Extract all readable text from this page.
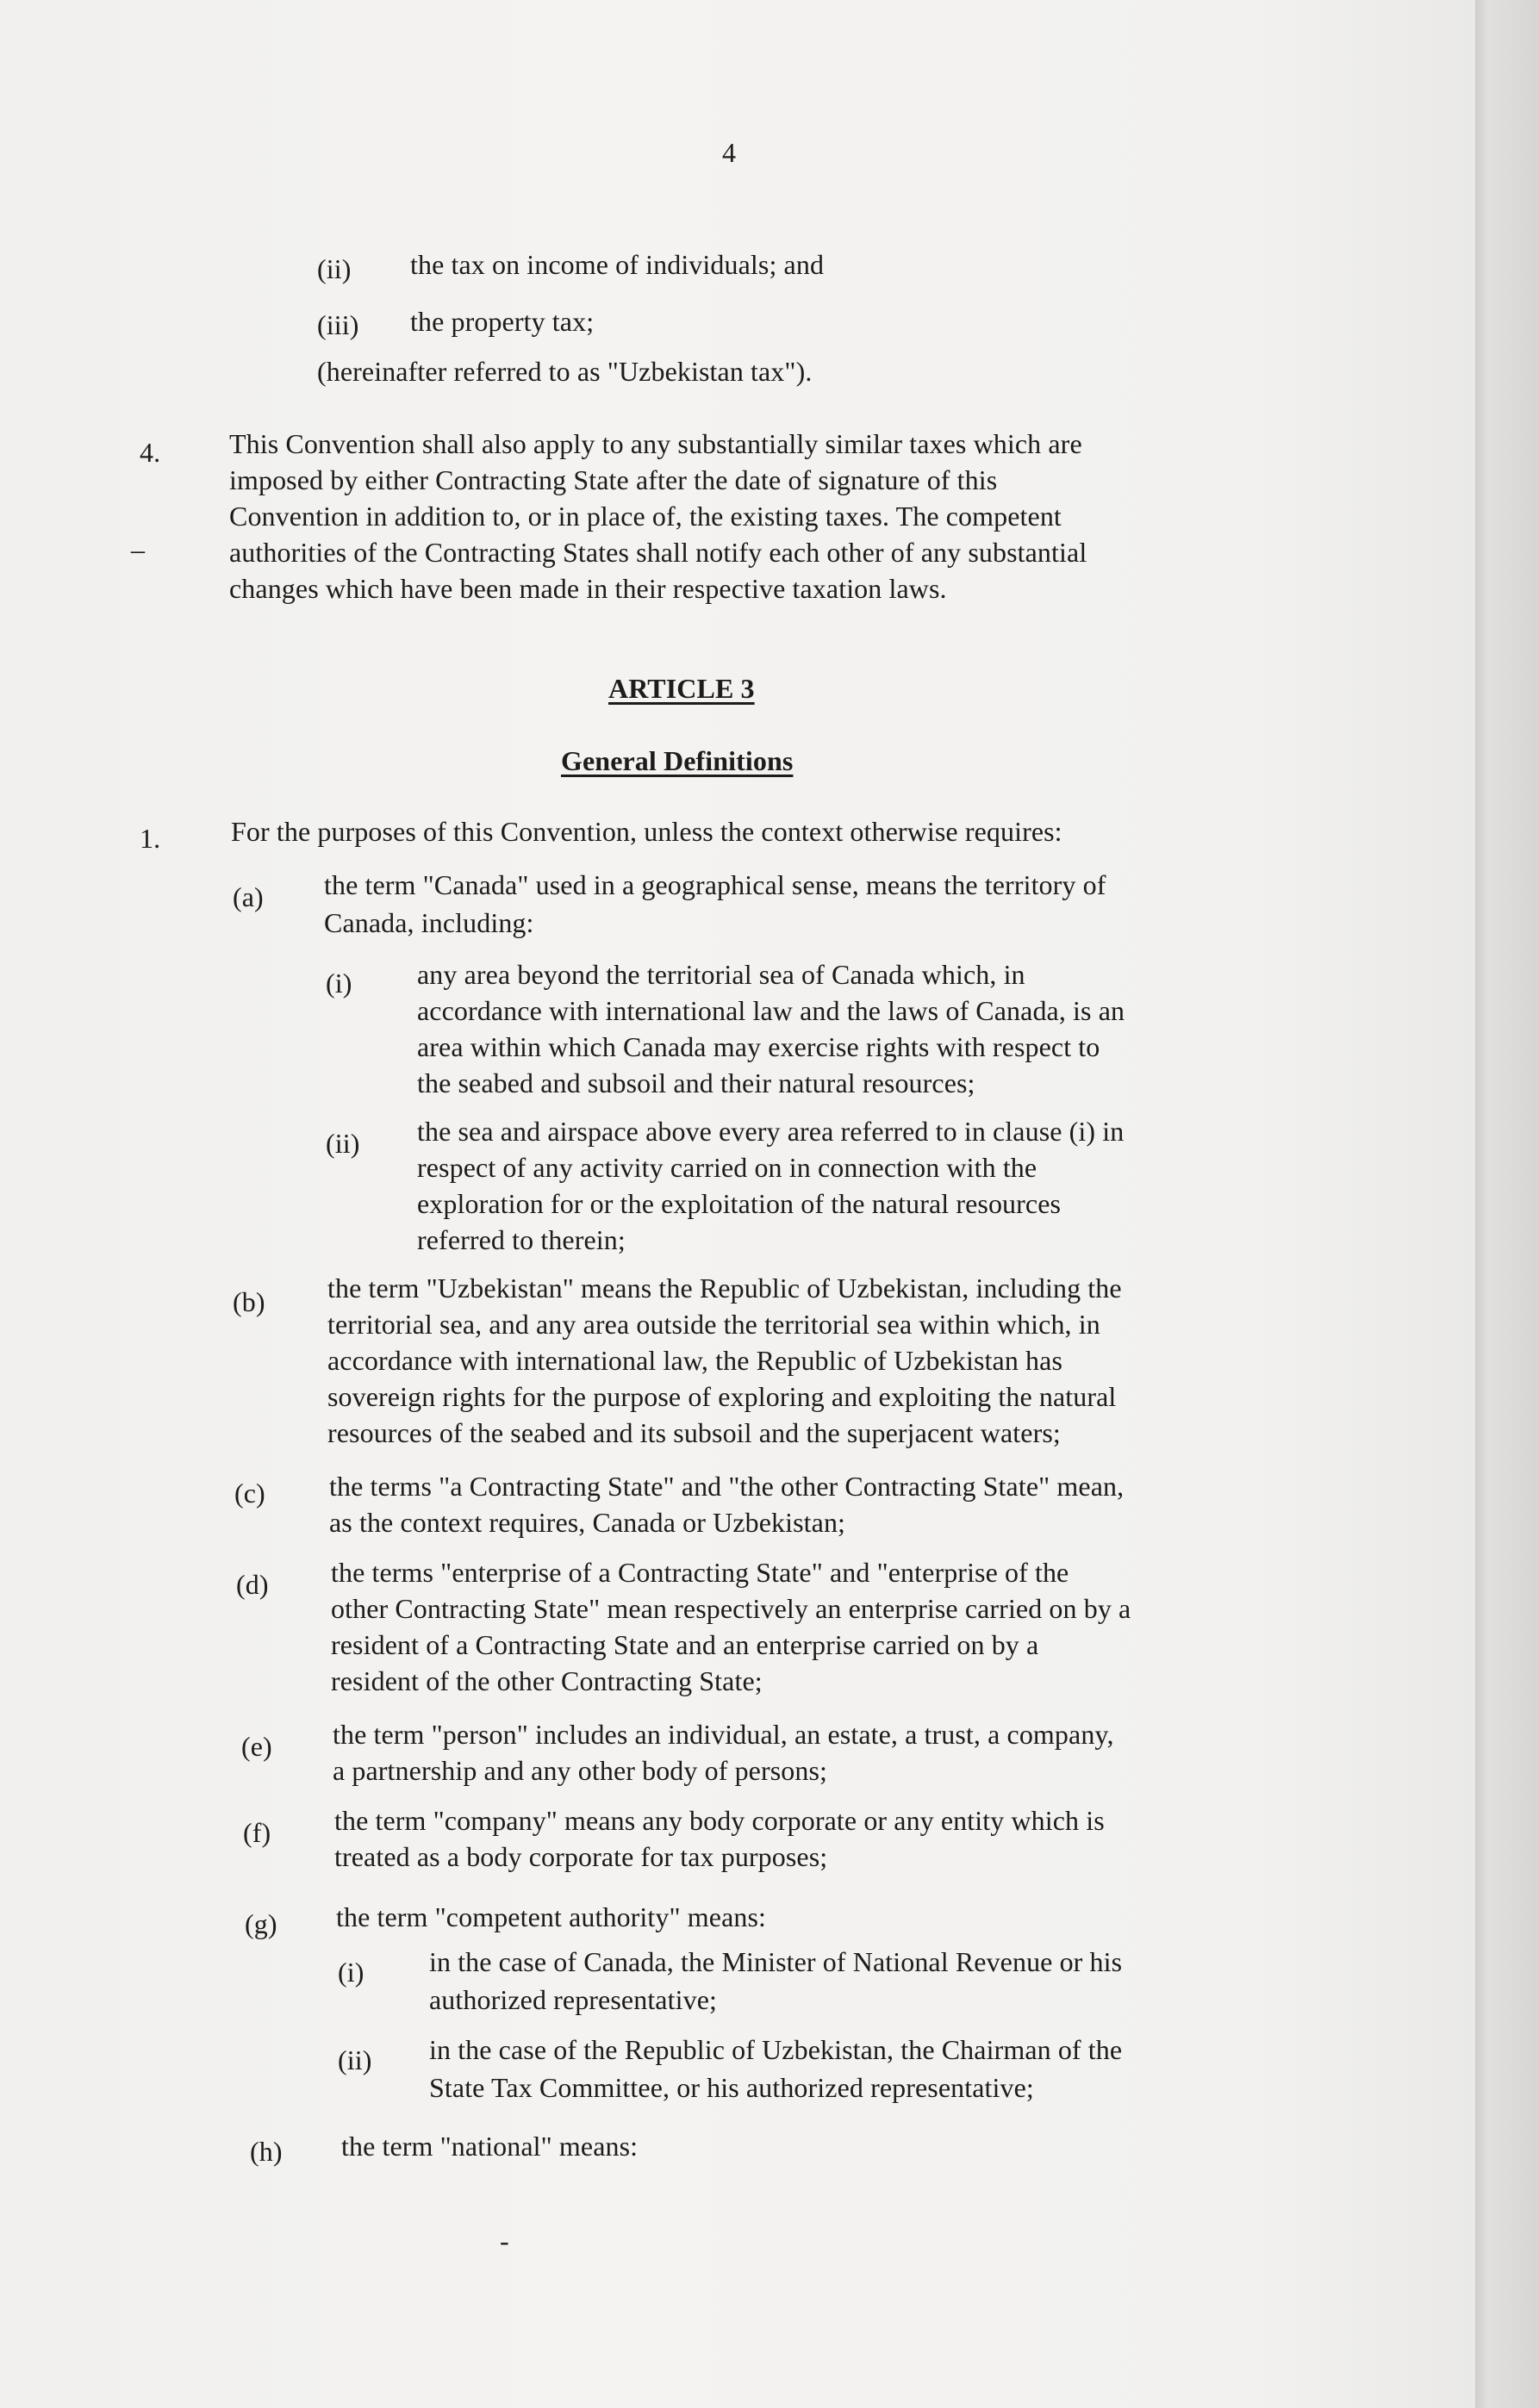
4
(ii) the tax on income of individuals; and
(iii) the property tax;
(hereinafter referred to as "Uzbekistan tax").
4. This Convention shall also apply to any substantially similar taxes which are
imposed by either Contracting State after the date of signature of this
Convention in addition to, or in place of, the existing taxes. The competent
authorities of the Contracting States shall notify each other of any substantial
changes which have been made in their respective taxation laws.
_
ARTICLE 3
General Definitions
1.	For the purposes of this Convention, unless the context otherwise requires:
(a) the term "Canada" used in a geographical sense, means the territory of
Canada, including:
(i) any area beyond the territorial sea of Canada which, in
accordance with international law and the laws of Canada, is an
area within which Canada may exercise rights with respect to
the seabed and subsoil and their natural resources;
(ii) the sea and airspace above every area referred to in clause (i) in
respect of any activity carried on in connection with the
exploration for or the exploitation of the natural resources
referred to therein;
(b) the term "Uzbekistan" means the Republic of Uzbekistan, including the
territorial sea, and any area outside the territorial sea within which, in
accordance with international law, the Republic of Uzbekistan has
sovereign rights for the purpose of exploring and exploiting the natural
resources of the seabed and its subsoil and the superjacent waters;
(c) the terms "a Contracting State" and "the other Contracting State" mean,
as the context requires, Canada or Uzbekistan;
(d) the terms "enterprise of a Contracting State" and "enterprise of the
other Contracting State" mean respectively an enterprise carried on by a
resident of a Contracting State and an enterprise carried on by a
resident of the other Contracting State;
(e) the term "person" includes an individual, an estate, a trust, a company,
a partnership and any other body of persons;
(f) the term "company" means any body corporate or any entity which is
treated as a body corporate for tax purposes;
(g) the term "competent authority" means:
(i) in the case of Canada, the Minister of National Revenue or his
authorized representative;
(ii) in the case of the Republic of Uzbekistan, the Chairman of the
State Tax Committee, or his authorized representative;
(h) the term "national" means:
-
